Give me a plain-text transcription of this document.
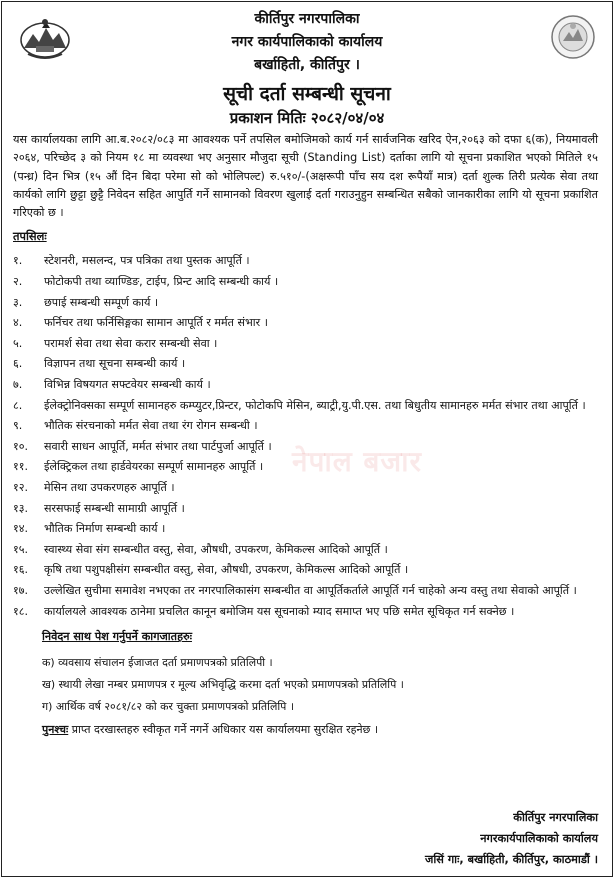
कीर्तिपुर नगरपालिका
नगर कार्यपालिकाको कार्यालय
बर्खाहिती, कीर्तिपुर ।
सूची दर्ता सम्बन्धी सूचना
प्रकाशन मितिः २०८२/०४/०४

यस कार्यालयका लागि आ.ब.२०८२/०८३ मा आवश्यक पर्ने तपसिल बमोजिमको कार्य गर्न सार्वजनिक खरिद ऐन,२०६३ को दफा ६(क), नियमावली २०६४, परिच्छेद ३ को नियम १८ मा व्यवस्था भए अनुसार मौजुदा सूची (Standing List) दर्ताका लागि यो सूचना प्रकाशित भएको मितिले १५ (पन्ध्र) दिन भित्र (१५ औं दिन बिदा परेमा सो को भोलिपल्ट) रु.५१०/-(अक्षरूपी पाँच सय दश रूपैयाँ मात्र) दर्ता शुल्क तिरी प्रत्येक सेवा तथा कार्यको लागि छुट्टा छुट्टै निवेदन सहित आपुर्ति गर्ने सामानको विवरण खुलाई दर्ता गराउनुहुन सम्बन्धित सबैको जानकारीका लागि यो सूचना प्रकाशित गरिएको छ ।

तपसिलः
१.	स्टेशनरी, मसलन्द, पत्र पत्रिका तथा पुस्तक आपूर्ति ।
२.	फोटोकपी तथा व्याण्डिङ, टाईप, प्रिन्ट आदि सम्बन्धी कार्य ।
३.	छपाई सम्बन्धी सम्पूर्ण कार्य ।
४.	फर्निचर तथा फर्निसिङ्गका सामान आपूर्ति र मर्मत संभार ।
५.	परामर्श सेवा तथा सेवा करार सम्बन्धी सेवा ।
६.	विज्ञापन तथा सूचना सम्बन्धी कार्य ।
७.	विभिन्न विषयगत सफ्टवेयर सम्बन्धी कार्य ।
८.	ईलेक्ट्रोनिक्सका सम्पूर्ण सामानहरु कम्प्युटर,प्रिन्टर, फोटोकपि मेसिन, ब्याट्री,यु.पी.एस. तथा बिधुतीय सामानहरु मर्मत संभार तथा आपूर्ति ।
९.	भौतिक संरचनाको मर्मत सेवा तथा रंग रोगन सम्बन्धी ।
१०.	सवारी साधन आपूर्ति, मर्मत संभार तथा पार्टपुर्जा आपूर्ति ।
११.	ईलेक्ट्रिकल तथा हार्डवेयरका सम्पूर्ण सामानहरु आपूर्ति ।
१२.	मेसिन तथा उपकरणहरु आपूर्ति ।
१३.	सरसफाई सम्बन्धी सामाग्री आपूर्ति ।
१४.	भौतिक निर्माण सम्बन्धी कार्य ।
१५.	स्वास्थ्य सेवा संग सम्बन्धीत वस्तु, सेवा, औषधी, उपकरण, केमिकल्स आदिको आपूर्ति ।
१६.	कृषि तथा पशुपक्षीसंग सम्बन्धीत वस्तु, सेवा, औषधी, उपकरण, केमिकल्स आदिको आपूर्ति ।
१७.	उल्लेखित सुचीमा समावेश नभएका तर नगरपालिकासंग सम्बन्धीत वा आपूर्तिकर्ताले आपूर्ति गर्न चाहेको अन्य वस्तु तथा सेवाको आपूर्ति ।
१८.	कार्यालयले आवश्यक ठानेमा प्रचलित कानून बमोजिम यस सूचनाको म्याद समाप्त भए पछि समेत सूचिकृत गर्न सक्नेछ ।
निवेदन साथ पेश गर्नुपर्ने कागजातहरुः
क) व्यवसाय संचालन ईजाजत दर्ता प्रमाणपत्रको प्रतिलिपी ।
ख) स्थायी लेखा नम्बर प्रमाणपत्र र मूल्य अभिवृद्धि करमा दर्ता भएको प्रमाणपत्रको प्रतिलिपि ।
ग) आर्थिक वर्ष २०८१/८२ को कर चुक्ता प्रमाणपत्रको प्रतिलिपि ।
पुनश्चः प्राप्त दरखास्तहरु स्वीकृत गर्ने नगर्ने अधिकार यस कार्यालयमा सुरक्षित रहनेछ ।
नेपाल बजार
कीर्तिपुर नगरपालिका
नगरकार्यपालिकाको कार्यालय
जसिं गाः, बर्खाहिती, कीर्तिपुर, काठमाडौं ।
